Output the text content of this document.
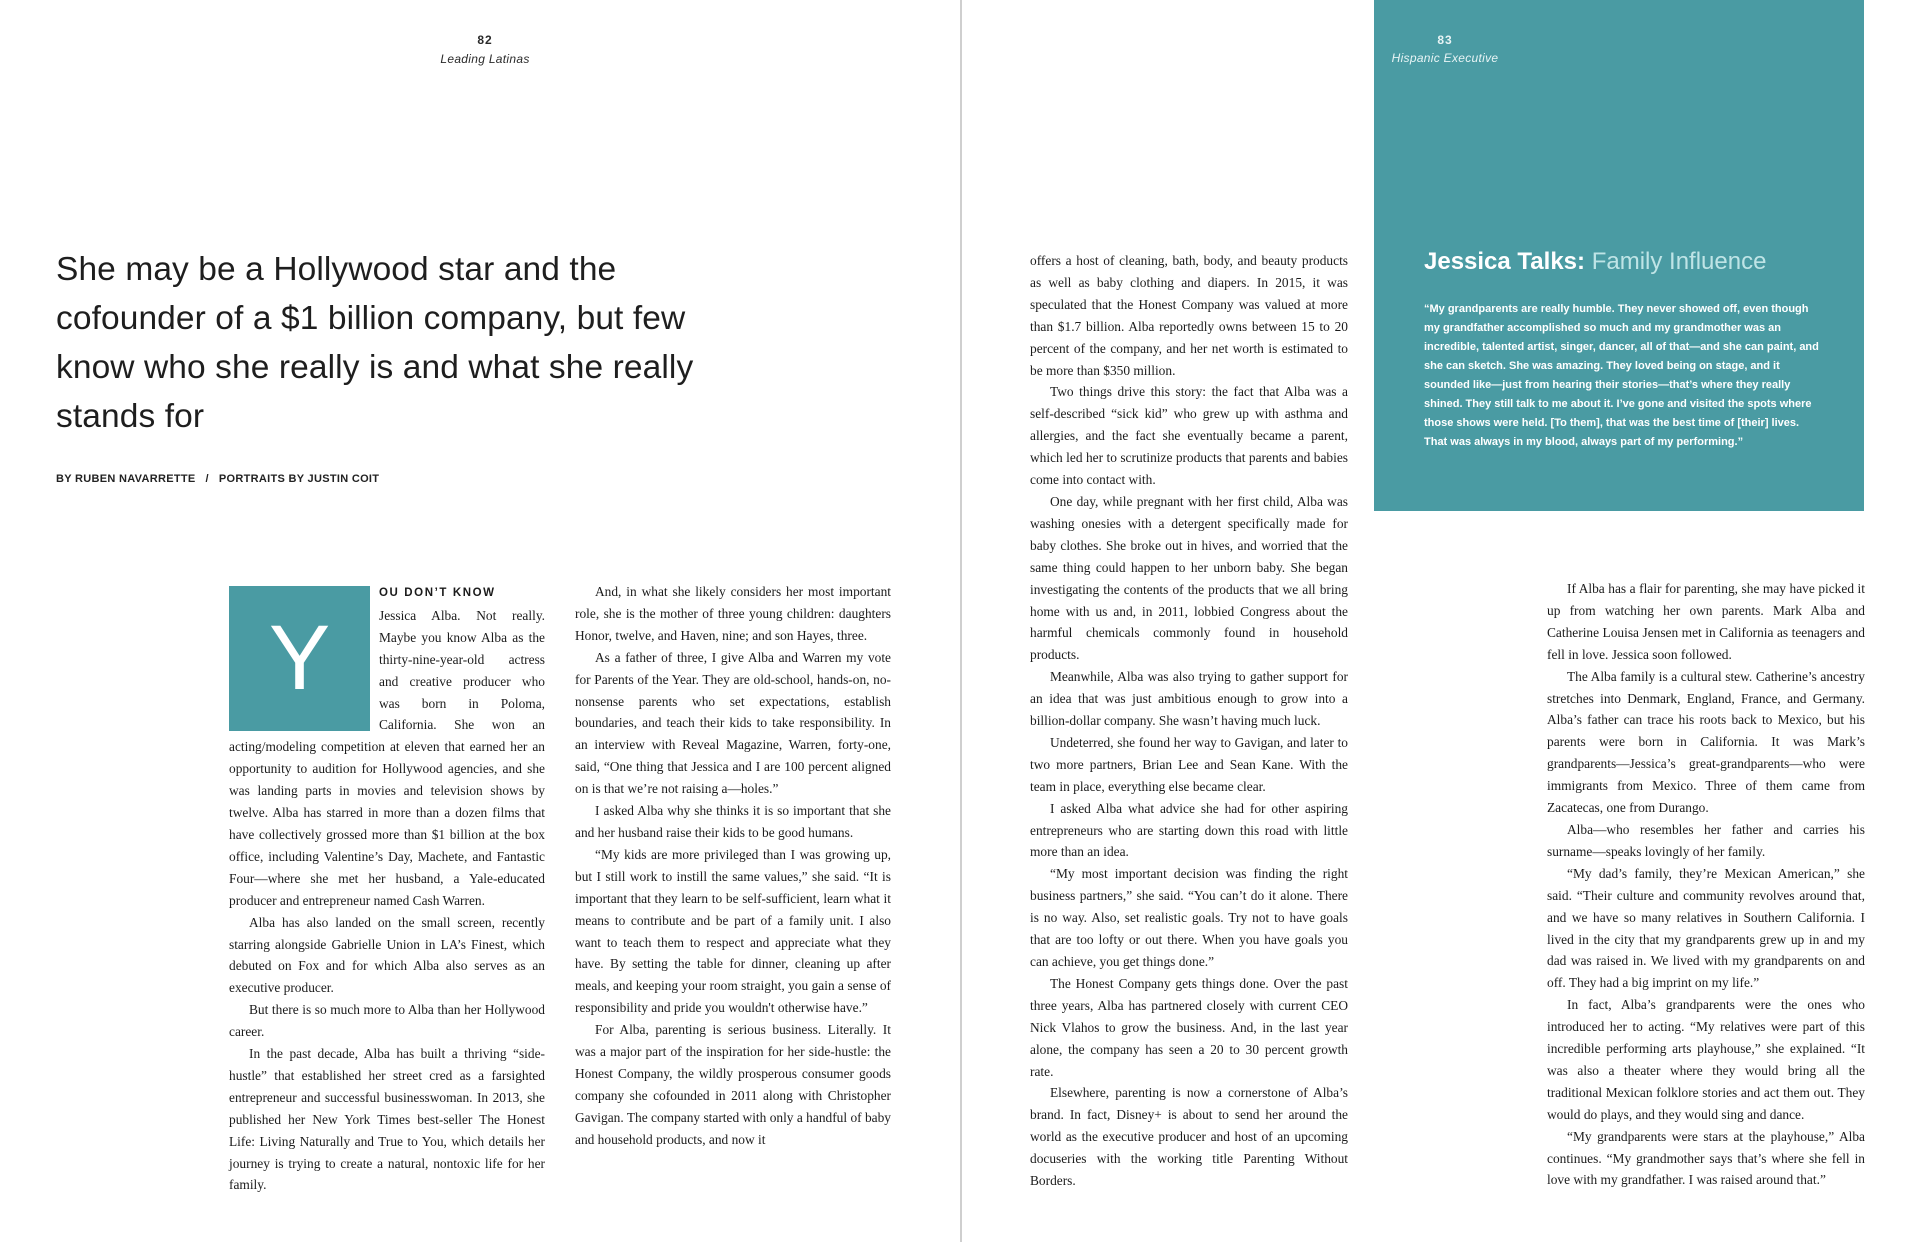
82
Leading Latinas
She may be a Hollywood star and the cofounder of a $1 billion company, but few know who she really is and what she really stands for
BY RUBEN NAVARRETTE / PORTRAITS BY JUSTIN COIT
Y

OU DON’T KNOW
Jessica Alba. Not really. Maybe you know Alba as the thirty-nine-year-old actress and creative producer who was born in Poloma, California. She won an acting/modeling competition at eleven that earned her an opportunity to audition for Hollywood agencies, and she was landing parts in movies and television shows by twelve. Alba has starred in more than a dozen films that have collectively grossed more than $1 billion at the box office, including Valentine’s Day, Machete, and Fantastic Four—where she met her husband, a Yale-educated producer and entrepreneur named Cash Warren.

Alba has also landed on the small screen, recently starring alongside Gabrielle Union in LA’s Finest, which debuted on Fox and for which Alba also serves as an executive producer.

But there is so much more to Alba than her Hollywood career.

In the past decade, Alba has built a thriving “side-hustle” that established her street cred as a farsighted entrepreneur and successful businesswoman. In 2013, she published her New York Times best-seller The Honest Life: Living Naturally and True to You, which details her journey is trying to create a natural, nontoxic life for her family.

And, in what she likely considers her most important role, she is the mother of three young children: daughters Honor, twelve, and Haven, nine; and son Hayes, three.

As a father of three, I give Alba and Warren my vote for Parents of the Year. They are old-school, hands-on, no-nonsense parents who set expectations, establish boundaries, and teach their kids to take responsibility. In an interview with Reveal Magazine, Warren, forty-one, said, “One thing that Jessica and I are 100 percent aligned on is that we’re not raising a—holes.”

I asked Alba why she thinks it is so important that she and her husband raise their kids to be good humans.

“My kids are more privileged than I was growing up, but I still work to instill the same values,” she said. “It is important that they learn to be self-sufficient, learn what it means to contribute and be part of a family unit. I also want to teach them to respect and appreciate what they have. By setting the table for dinner, cleaning up after meals, and keeping your room straight, you gain a sense of responsibility and pride you wouldn't otherwise have.”

For Alba, parenting is serious business. Literally. It was a major part of the inspiration for her side-hustle: the Honest Company, the wildly prosperous consumer goods company she cofounded in 2011 along with Christopher Gavigan. The company started with only a handful of baby and household products, and now it

Jessica Talks: Family Influence

“My grandparents are really humble. They never showed off, even though my grandfather accomplished so much and my grandmother was an incredible, talented artist, singer, dancer, all of that—and she can paint, and she can sketch. She was amazing. They loved being on stage, and it sounded like—just from hearing their stories—that’s where they really shined. They still talk to me about it. I’ve gone and visited the spots where those shows were held. [To them], that was the best time of [their] lives. That was always in my blood, always part of my performing.”

83
Hispanic Executive

offers a host of cleaning, bath, body, and beauty products as well as baby clothing and diapers. In 2015, it was speculated that the Honest Company was valued at more than $1.7 billion. Alba reportedly owns between 15 to 20 percent of the company, and her net worth is estimated to be more than $350 million.

Two things drive this story: the fact that Alba was a self-described “sick kid” who grew up with asthma and allergies, and the fact she eventually became a parent, which led her to scrutinize products that parents and babies come into contact with.

One day, while pregnant with her first child, Alba was washing onesies with a detergent specifically made for baby clothes. She broke out in hives, and worried that the same thing could happen to her unborn baby. She began investigating the contents of the products that we all bring home with us and, in 2011, lobbied Congress about the harmful chemicals commonly found in household products.

Meanwhile, Alba was also trying to gather support for an idea that was just ambitious enough to grow into a billion-dollar company. She wasn’t having much luck.

Undeterred, she found her way to Gavigan, and later to two more partners, Brian Lee and Sean Kane. With the team in place, everything else became clear.

I asked Alba what advice she had for other aspiring entrepreneurs who are starting down this road with little more than an idea.

“My most important decision was finding the right business partners,” she said. “You can’t do it alone. There is no way. Also, set realistic goals. Try not to have goals that are too lofty or out there. When you have goals you can achieve, you get things done.”

The Honest Company gets things done. Over the past three years, Alba has partnered closely with current CEO Nick Vlahos to grow the business. And, in the last year alone, the company has seen a 20 to 30 percent growth rate.

Elsewhere, parenting is now a cornerstone of Alba’s brand. In fact, Disney+ is about to send her around the world as the executive producer and host of an upcoming docuseries with the working title Parenting Without Borders.

If Alba has a flair for parenting, she may have picked it up from watching her own parents. Mark Alba and Catherine Louisa Jensen met in California as teenagers and fell in love. Jessica soon followed.

The Alba family is a cultural stew. Catherine’s ancestry stretches into Denmark, England, France, and Germany. Alba’s father can trace his roots back to Mexico, but his parents were born in California. It was Mark’s grandparents—Jessica’s great-grandparents—who were immigrants from Mexico. Three of them came from Zacatecas, one from Durango.

Alba—who resembles her father and carries his surname—speaks lovingly of her family.

“My dad’s family, they’re Mexican American,” she said. “Their culture and community revolves around that, and we have so many relatives in Southern California. I lived in the city that my grandparents grew up in and my dad was raised in. We lived with my grandparents on and off. They had a big imprint on my life.”

In fact, Alba’s grandparents were the ones who introduced her to acting. “My relatives were part of this incredible performing arts playhouse,” she explained. “It was also a theater where they would bring all the traditional Mexican folklore stories and act them out. They would do plays, and they would sing and dance.

“My grandparents were stars at the playhouse,” Alba continues. “My grandmother says that’s where she fell in love with my grandfather. I was raised around that.”
